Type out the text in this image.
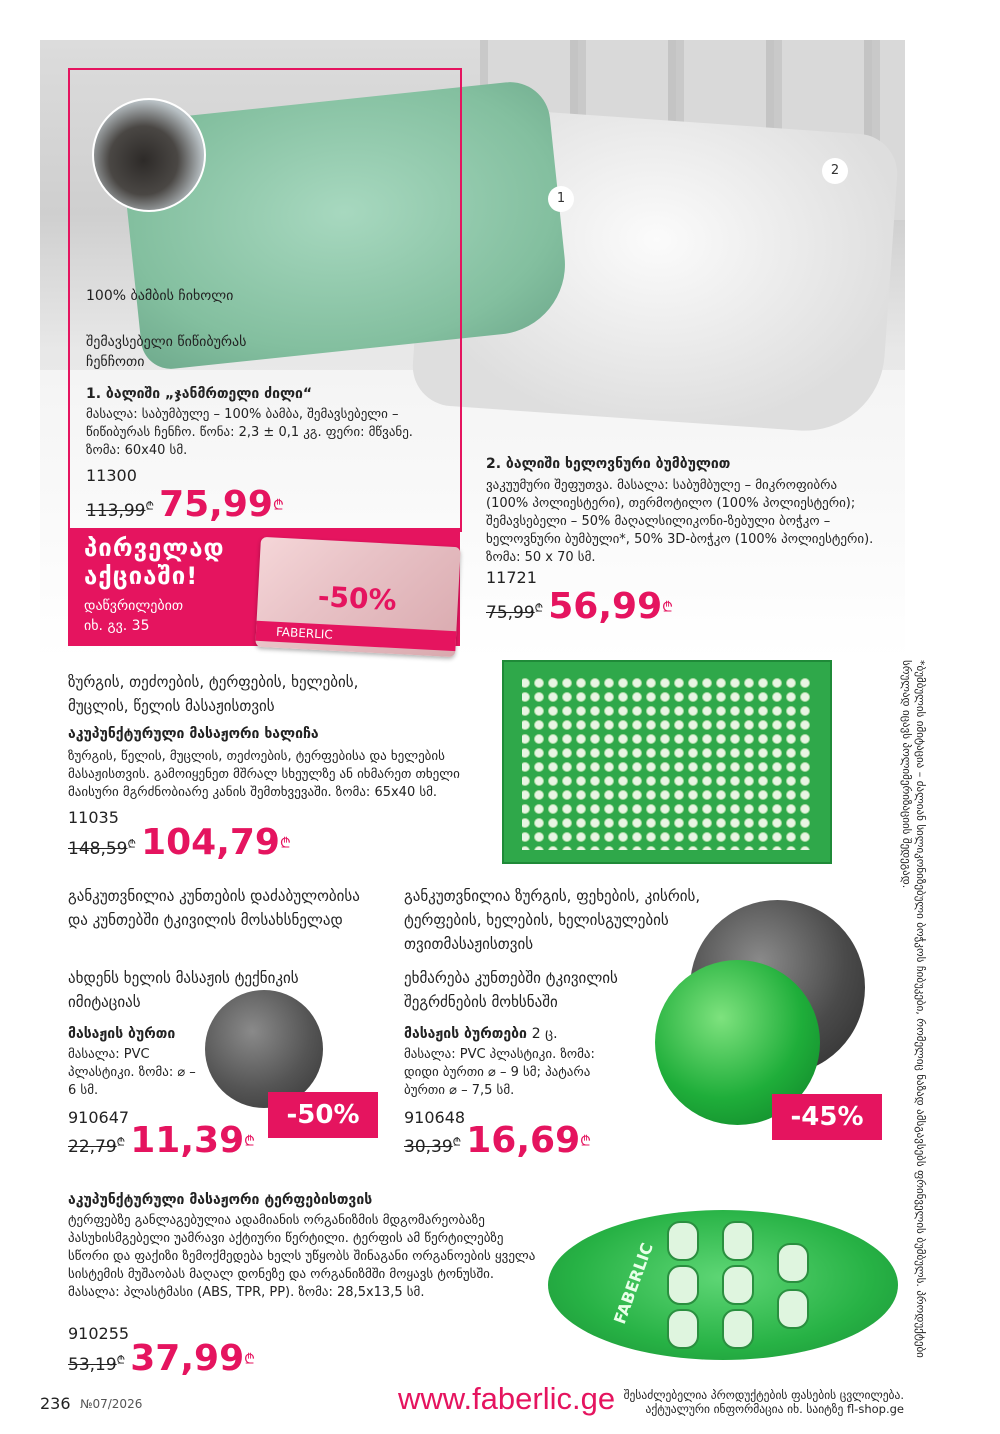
1
2
100% ბამბის ჩიხოლი
შემავსებელი წიწიბურას ჩენჩოთი
1. ბალიში „ჯანმრთელი ძილი“
მასალა: საბუმბულე – 100% ბამბა, შემავსებელი – წიწიბურას ჩენჩო. წონა: 2,3 ± 0,1 კგ. ფერი: მწვანე. ზომა: 60x40 სმ.
11300
113,99₾ 75,99₾
პირველად
აქციაში!
დაწვრილებით
იხ. გვ. 35
-50%
FABERLIC
2. ბალიში ხელოვნური ბუმბულით
ვაკუუმური შეფუთვა. მასალა: საბუმბულე – მიკროფიბრა (100% პოლიესტერი), თერმოტილო (100% პოლიესტერი); შემავსებელი – 50% მაღალსილიკონი-ზებული ბოჭკო – ხელოვნური ბუმბული*, 50% 3D-ბოჭკო (100% პოლიესტერი). ზომა: 50 x 70 სმ.
11721
75,99₾ 56,99₾
ზურგის, თეძოების, ტერფების, ხელების, მუცლის, წელის მასაჟისთვის
აკუპუნქტურული მასაჟორი ხალიჩა
ზურგის, წელის, მუცლის, თეძოების, ტერფებისა და ხელების მასაჟისთვის. გამოიყენეთ მშრალ სხეულზე ან იხმარეთ თხელი მაისური მგრძნობიარე კანის შემთხვევაში. ზომა: 65x40 სმ.
11035
148,59₾ 104,79₾
განკუთვნილია კუნთების დაძაბულობისა და კუნთებში ტკივილის მოსახსნელად
ახდენს ხელის მასაჟის ტექნიკის იმიტაციას
მასაჟის ბურთი
მასალა: PVC პლასტიკი. ზომა: ⌀ – 6 სმ.
-50%
910647
22,79₾ 11,39₾
განკუთვნილია ზურგის, ფეხების, კისრის, ტერფების, ხელების, ხელისგულების თვითმასაჟისთვის
ეხმარება კუნთებში ტკივილის შეგრძნების მოხსნაში
მასაჟის ბურთები 2 ც.
მასალა: PVC პლასტიკი. ზომა: დიდი ბურთი ⌀ – 9 სმ; პატარა ბურთი ⌀ – 7,5 სმ.
-45%
910648
30,39₾ 16,69₾
აკუპუნქტურული მასაჟორი ტერფებისთვის
ტერფებზე განლაგებულია ადამიანის ორგანიზმის მდგომარეობაზე პასუხისმგებელი უამრავი აქტიური წერტილი. ტერფის ამ წერტილებზე სწორი და ფაქიზი ზემოქმედება ხელს უწყობს შინაგანი ორგანოების ყველა სისტემის მუშაობას მაღალ დონეზე და ორგანიზმში მოყავს ტონუსში. მასალა: პლასტმასი (ABS, TPR, PP). ზომა: 28,5x13,5 სმ.
910255
53,19₾ 37,99₾
FABERLIC	*ბუმბულის იმიტაცია – ძალიან სილიკონიზებული ბოჭკოს ჩიბუკები, რომელიც ნაზად ამსგავსებს ფრინველის ბუმბულს. პროდუქტები სრულად იცავს პოლიმერიზაციის შედეგად.
236 №07/2026	www.faberlic.ge შესაძლებელია პროდუქტების ფასების ცვლილება.
აქტუალური ინფორმაცია იხ. საიტზე fl-shop.ge
